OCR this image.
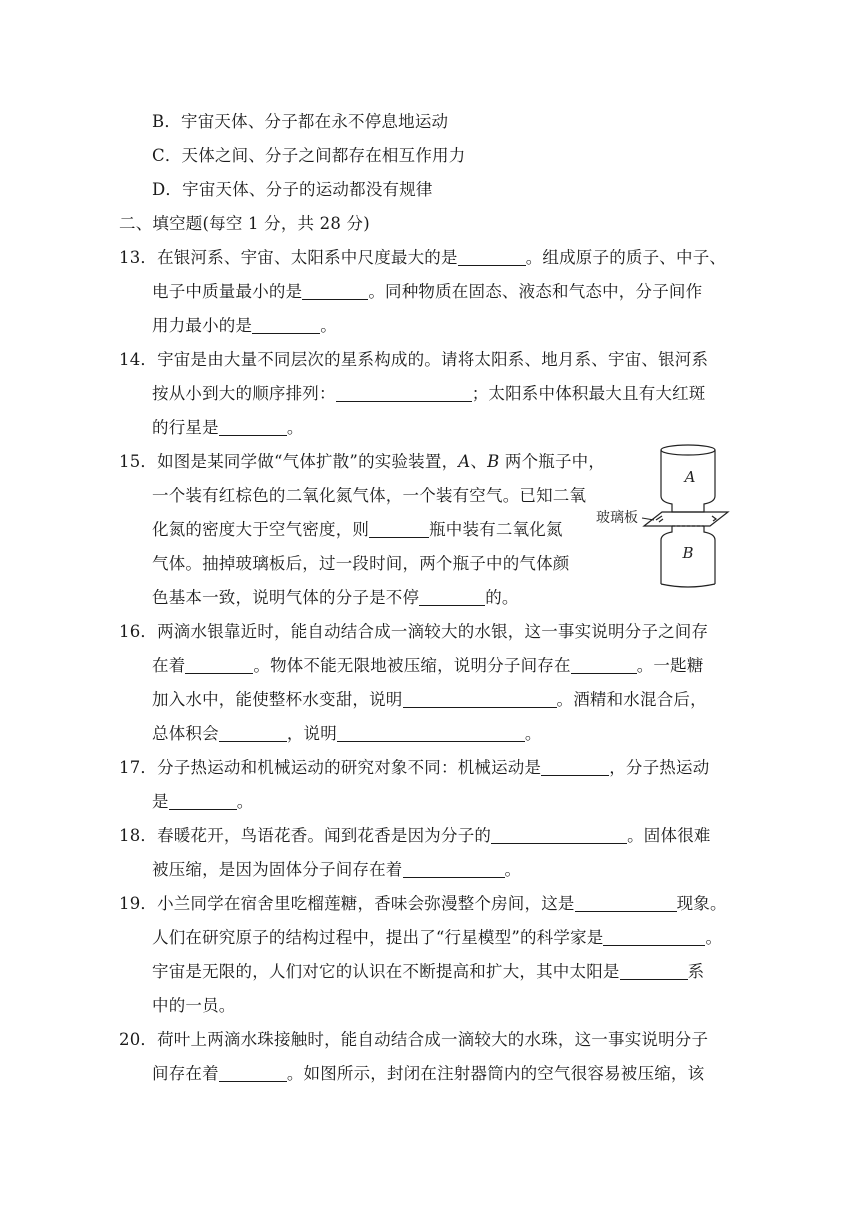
B．宇宙天体、分子都在永不停息地运动
C．天体之间、分子之间都存在相互作用力
D．宇宙天体、分子的运动都没有规律
二、填空题(每空 1 分，共 28 分)
13．在银河系、宇宙、太阳系中尺度最大的是	。组成原子的质子、中子、
电子中质量最小的是	。同种物质在固态、液态和气态中，分子间作
用力最小的是	。
14．宇宙是由大量不同层次的星系构成的。请将太阳系、地月系、宇宙、银河系
按从小到大的顺序排列：	；太阳系中体积最大且有大红斑
的行星是	。
15．如图是某同学做“气体扩散”的实验装置，A、B 两个瓶子中，
一个装有红棕色的二氧化氮气体，一个装有空气。已知二氧
化氮的密度大于空气密度，则	瓶中装有二氧化氮
气体。抽掉玻璃板后，过一段时间，两个瓶子中的气体颜
色基本一致，说明气体的分子是不停	的。
A
B
玻璃板
16．两滴水银靠近时，能自动结合成一滴较大的水银，这一事实说明分子之间存
在着	。物体不能无限地被压缩，说明分子间存在	。一匙糖
加入水中，能使整杯水变甜，说明	。酒精和水混合后，
总体积会	，说明	。
17．分子热运动和机械运动的研究对象不同：机械运动是	，分子热运动
是	。
18．春暖花开，鸟语花香。闻到花香是因为分子的	。固体很难
被压缩，是因为固体分子间存在着	。
19．小兰同学在宿舍里吃榴莲糖，香味会弥漫整个房间，这是	现象。
人们在研究原子的结构过程中，提出了“行星模型”的科学家是	。
宇宙是无限的，人们对它的认识在不断提高和扩大，其中太阳是	系
中的一员。
20．荷叶上两滴水珠接触时，能自动结合成一滴较大的水珠，这一事实说明分子
间存在着	。如图所示，封闭在注射器筒内的空气很容易被压缩，该
